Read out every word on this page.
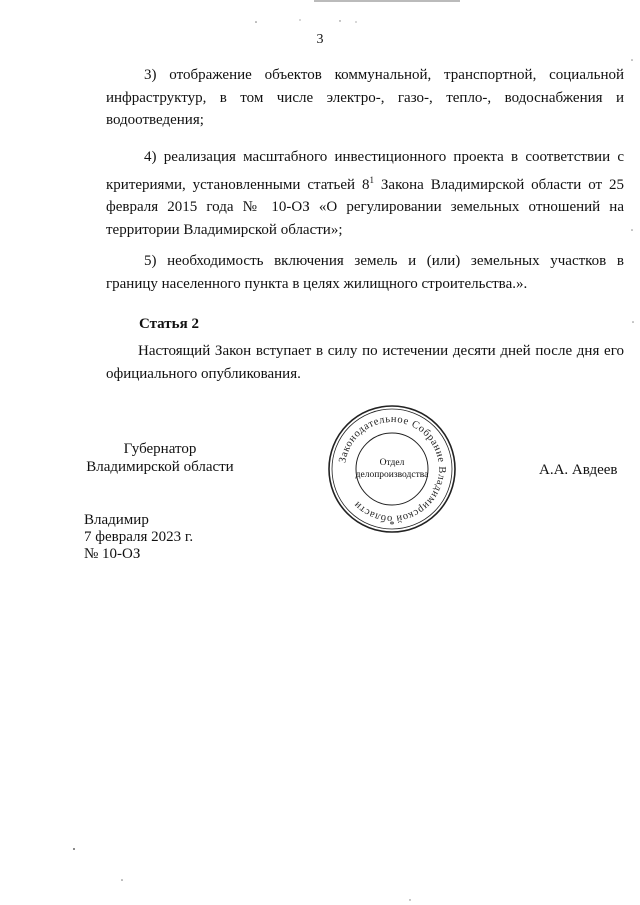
3

3) отображение объектов коммунальной, транспортной, социальной инфраструктур, в том числе электро-, газо-, тепло-, водоснабжения и водоотведения;

4) реализация масштабного инвестиционного проекта в соответствии с критериями, установленными статьей $8^1$ Закона Владимирской области от 25 февраля 2015 года № 10-ОЗ «О регулировании земельных отношений на территории Владимирской области»;

5) необходимость включения земель и (или) земельных участков в границу населенного пункта в целях жилищного строительства.».

Статья 2

Настоящий Закон вступает в силу по истечении десяти дней после дня его официального опубликования.

Губернатор
Владимирской области	Законодательное Собрание Владимирской области
*
Отдел
делопроизводства	А.А. Авдеев
Владимир
7 февраля 2023 г.
№ 10-ОЗ
